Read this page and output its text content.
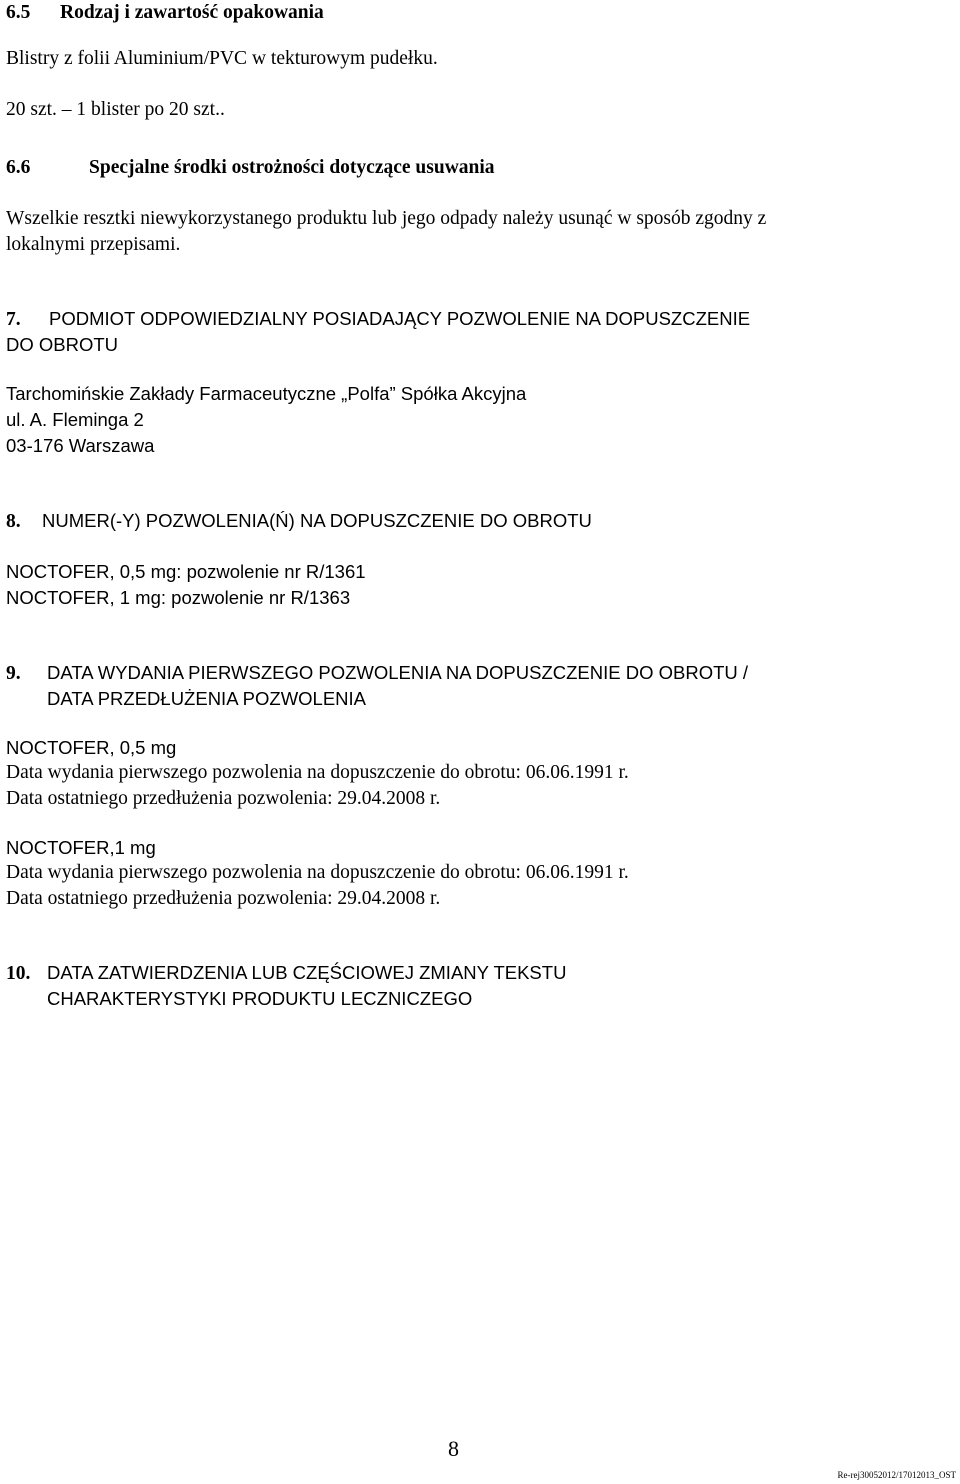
6.5 Rodzaj i zawartość opakowania

Blistry z folii Aluminium/PVC w tekturowym pudełku.

20 szt. – 1 blister po 20 szt..

6.6	Specjalne środki ostrożności dotyczące usuwania

Wszelkie resztki niewykorzystanego produktu lub jego odpady należy usunąć w sposób zgodny z

lokalnymi przepisami.

7. PODMIOT ODPOWIEDZIALNY POSIADAJĄCY POZWOLENIE NA DOPUSZCZENIE
DO OBROTU

Tarchomińskie Zakłady Farmaceutyczne „Polfa” Spółka Akcyjna

ul. A. Fleminga 2

03-176 Warszawa

8. NUMER(-Y) POZWOLENIA(Ń) NA DOPUSZCZENIE DO OBROTU

NOCTOFER, 0,5 mg: pozwolenie nr R/1361

NOCTOFER, 1 mg: pozwolenie nr R/1363

9. DATA WYDANIA PIERWSZEGO POZWOLENIA NA DOPUSZCZENIE DO OBROTU /
DATA PRZEDŁUŻENIA POZWOLENIA

NOCTOFER, 0,5 mg

Data wydania pierwszego pozwolenia na dopuszczenie do obrotu: 06.06.1991 r.

Data ostatniego przedłużenia pozwolenia: 29.04.2008 r.

NOCTOFER,1 mg

Data wydania pierwszego pozwolenia na dopuszczenie do obrotu: 06.06.1991 r.

Data ostatniego przedłużenia pozwolenia: 29.04.2008 r.

10. DATA ZATWIERDZENIA LUB CZĘŚCIOWEJ ZMIANY TEKSTU
CHARAKTERYSTYKI PRODUKTU LECZNICZEGO
8
Re-rej30052012/17012013_OST
